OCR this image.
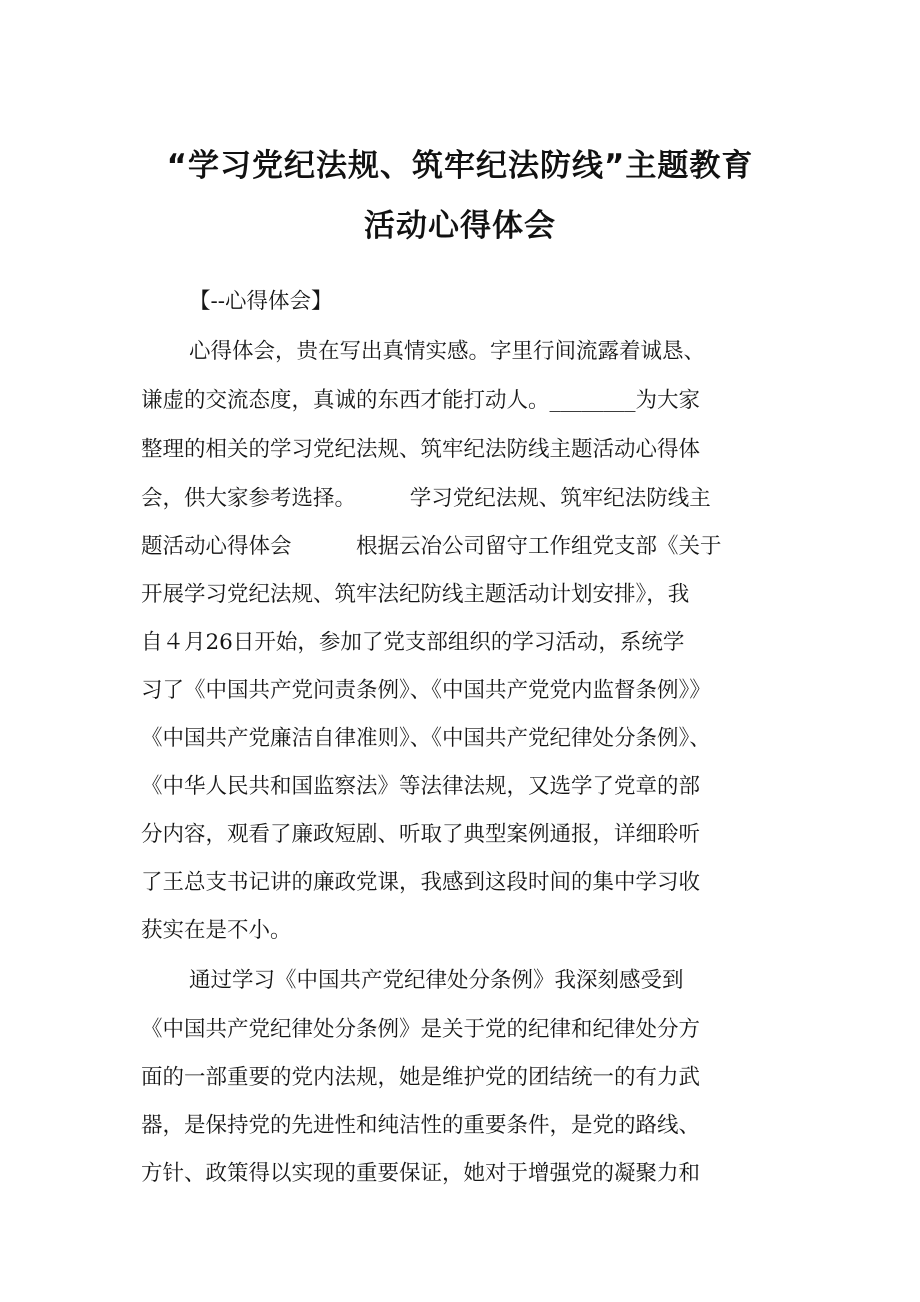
“学习党纪法规、筑牢纪法防线”主题教育
活动心得体会
【--心得体会】
心得体会，贵在写出真情实感。字里行间流露着诚恳、
谦虚的交流态度，真诚的东西才能打动人。________为大家
整理的相关的学习党纪法规、筑牢纪法防线主题活动心得体
会，供大家参考选择。　　　学习党纪法规、筑牢纪法防线主
题活动心得体会　　　根据云冶公司留守工作组党支部《关于
开展学习党纪法规、筑牢法纪防线主题活动计划安排》，我
自４月26日开始，参加了党支部组织的学习活动，系统学
习了《中国共产党问责条例》、《中国共产党党内监督条例》》
《中国共产党廉洁自律准则》、《中国共产党纪律处分条例》、
《中华人民共和国监察法》等法律法规，又选学了党章的部
分内容，观看了廉政短剧、听取了典型案例通报，详细聆听
了王总支书记讲的廉政党课，我感到这段时间的集中学习收
获实在是不小。
通过学习《中国共产党纪律处分条例》我深刻感受到
《中国共产党纪律处分条例》是关于党的纪律和纪律处分方
面的一部重要的党内法规，她是维护党的团结统一的有力武
器，是保持党的先进性和纯洁性的重要条件，是党的路线、
方针、政策得以实现的重要保证，她对于增强党的凝聚力和
